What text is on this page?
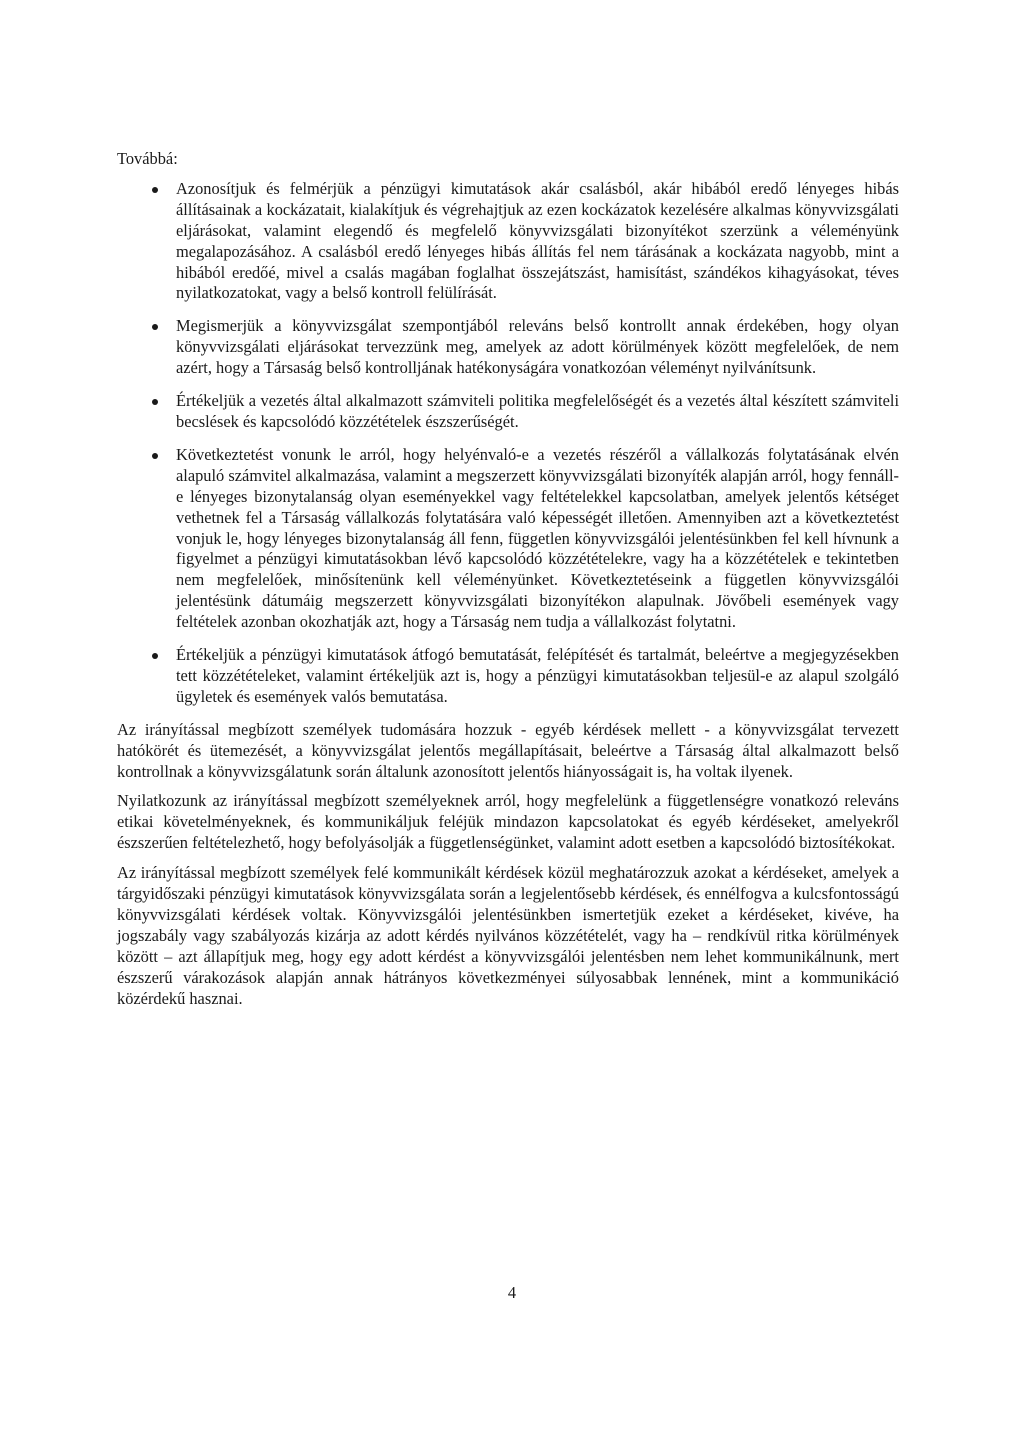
Továbbá:
Azonosítjuk és felmérjük a pénzügyi kimutatások akár csalásból, akár hibából eredő lényeges hibás állításainak a kockázatait, kialakítjuk és végrehajtjuk az ezen kockázatok kezelésére alkalmas könyvvizsgálati eljárásokat, valamint elegendő és megfelelő könyvvizsgálati bizonyítékot szerzünk a véleményünk megalapozásához. A csalásból eredő lényeges hibás állítás fel nem tárásának a kockázata nagyobb, mint a hibából eredőé, mivel a csalás magában foglalhat összejátszást, hamisítást, szándékos kihagyásokat, téves nyilatkozatokat, vagy a belső kontroll felülírását.
Megismerjük a könyvvizsgálat szempontjából releváns belső kontrollt annak érdekében, hogy olyan könyvvizsgálati eljárásokat tervezzünk meg, amelyek az adott körülmények között megfelelőek, de nem azért, hogy a Társaság belső kontrolljának hatékonyságára vonatkozóan véleményt nyilvánítsunk.
Értékeljük a vezetés által alkalmazott számviteli politika megfelelőségét és a vezetés által készített számviteli becslések és kapcsolódó közzétételek észszerűségét.
Következtetést vonunk le arról, hogy helyénvaló-e a vezetés részéről a vállalkozás folytatásának elvén alapuló számvitel alkalmazása, valamint a megszerzett könyvvizsgálati bizonyíték alapján arról, hogy fennáll-e lényeges bizonytalanság olyan eseményekkel vagy feltételekkel kapcsolatban, amelyek jelentős kétséget vethetnek fel a Társaság vállalkozás folytatására való képességét illetően. Amennyiben azt a következtetést vonjuk le, hogy lényeges bizonytalanság áll fenn, független könyvvizsgálói jelentésünkben fel kell hívnunk a figyelmet a pénzügyi kimutatásokban lévő kapcsolódó közzétételekre, vagy ha a közzétételek e tekintetben nem megfelelőek, minősítenünk kell véleményünket. Következtetéseink a független könyvvizsgálói jelentésünk dátumáig megszerzett könyvvizsgálati bizonyítékon alapulnak. Jövőbeli események vagy feltételek azonban okozhatják azt, hogy a Társaság nem tudja a vállalkozást folytatni.
Értékeljük a pénzügyi kimutatások átfogó bemutatását, felépítését és tartalmát, beleértve a megjegyzésekben tett közzétételeket, valamint értékeljük azt is, hogy a pénzügyi kimutatásokban teljesül-e az alapul szolgáló ügyletek és események valós bemutatása.

Az irányítással megbízott személyek tudomására hozzuk - egyéb kérdések mellett - a könyvvizsgálat tervezett hatókörét és ütemezését, a könyvvizsgálat jelentős megállapításait, beleértve a Társaság által alkalmazott belső kontrollnak a könyvvizsgálatunk során általunk azonosított jelentős hiányosságait is, ha voltak ilyenek.

Nyilatkozunk az irányítással megbízott személyeknek arról, hogy megfelelünk a függetlenségre vonatkozó releváns etikai követelményeknek, és kommunikáljuk feléjük mindazon kapcsolatokat és egyéb kérdéseket, amelyekről észszerűen feltételezhető, hogy befolyásolják a függetlenségünket, valamint adott esetben a kapcsolódó biztosítékokat.

Az irányítással megbízott személyek felé kommunikált kérdések közül meghatározzuk azokat a kérdéseket, amelyek a tárgyidőszaki pénzügyi kimutatások könyvvizsgálata során a legjelentősebb kérdések, és ennélfogva a kulcsfontosságú könyvvizsgálati kérdések voltak. Könyvvizsgálói jelentésünkben ismertetjük ezeket a kérdéseket, kivéve, ha jogszabály vagy szabályozás kizárja az adott kérdés nyilvános közzétételét, vagy ha – rendkívül ritka körülmények között – azt állapítjuk meg, hogy egy adott kérdést a könyvvizsgálói jelentésben nem lehet kommunikálnunk, mert észszerű várakozások alapján annak hátrányos következményei súlyosabbak lennének, mint a kommunikáció közérdekű hasznai.

4
